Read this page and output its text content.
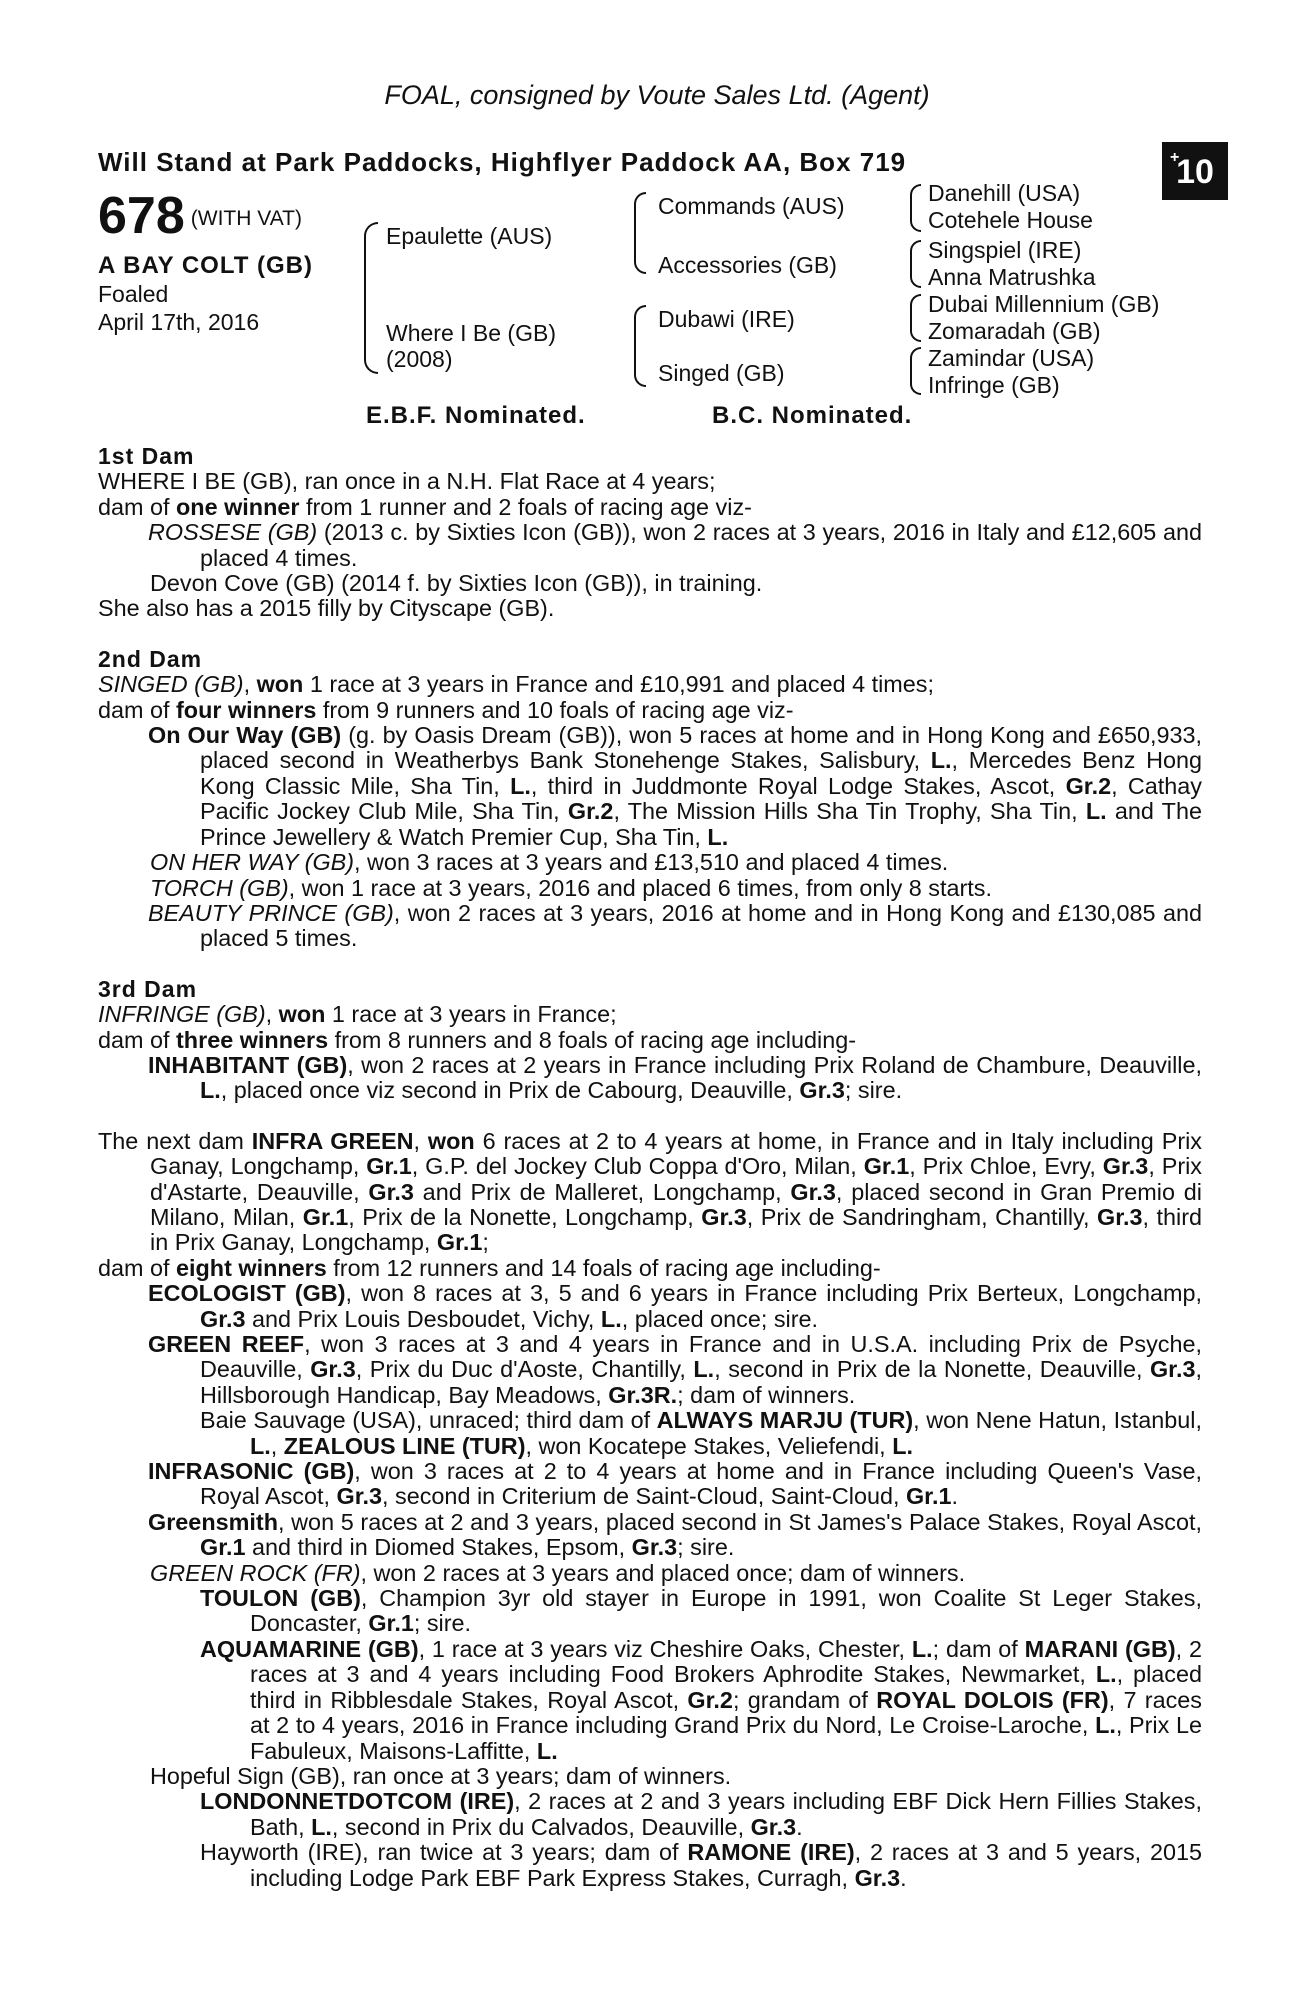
FOAL, consigned by Voute Sales Ltd. (Agent)
Will Stand at Park Paddocks, Highflyer Paddock AA, Box 719	+
10
678 (WITH VAT)
A BAY COLT (GB)
Foaled
April 17th, 2016
Epaulette (AUS)
Where I Be (GB)
(2008)
Commands (AUS)
Accessories (GB)
Dubawi (IRE)
Singed (GB)
Danehill (USA)
Cotehele House
Singspiel (IRE)
Anna Matrushka
Dubai Millennium (GB)
Zomaradah (GB)
Zamindar (USA)
Infringe (GB)
E.B.F. Nominated.	B.C. Nominated.

1st Dam

WHERE I BE (GB), ran once in a N.H. Flat Race at 4 years;

dam of one winner from 1 runner and 2 foals of racing age viz-

ROSSESE (GB) (2013 c. by Sixties Icon (GB)), won 2 races at 3 years, 2016 in Italy and £12,605 and placed 4 times.

Devon Cove (GB) (2014 f. by Sixties Icon (GB)), in training.

She also has a 2015 filly by Cityscape (GB).

2nd Dam

SINGED (GB), won 1 race at 3 years in France and £10,991 and placed 4 times;

dam of four winners from 9 runners and 10 foals of racing age viz-

On Our Way (GB) (g. by Oasis Dream (GB)), won 5 races at home and in Hong Kong and £650,933, placed second in Weatherbys Bank Stonehenge Stakes, Salisbury, L., Mercedes Benz Hong Kong Classic Mile, Sha Tin, L., third in Juddmonte Royal Lodge Stakes, Ascot, Gr.2, Cathay Pacific Jockey Club Mile, Sha Tin, Gr.2, The Mission Hills Sha Tin Trophy, Sha Tin, L. and The Prince Jewellery & Watch Premier Cup, Sha Tin, L.

ON HER WAY (GB), won 3 races at 3 years and £13,510 and placed 4 times.

TORCH (GB), won 1 race at 3 years, 2016 and placed 6 times, from only 8 starts.

BEAUTY PRINCE (GB), won 2 races at 3 years, 2016 at home and in Hong Kong and £130,085 and placed 5 times.

3rd Dam

INFRINGE (GB), won 1 race at 3 years in France;

dam of three winners from 8 runners and 8 foals of racing age including-

INHABITANT (GB), won 2 races at 2 years in France including Prix Roland de Chambure, Deauville, L., placed once viz second in Prix de Cabourg, Deauville, Gr.3; sire.

The next dam INFRA GREEN, won 6 races at 2 to 4 years at home, in France and in Italy including Prix Ganay, Longchamp, Gr.1, G.P. del Jockey Club Coppa d'Oro, Milan, Gr.1, Prix Chloe, Evry, Gr.3, Prix d'Astarte, Deauville, Gr.3 and Prix de Malleret, Longchamp, Gr.3, placed second in Gran Premio di Milano, Milan, Gr.1, Prix de la Nonette, Longchamp, Gr.3, Prix de Sandringham, Chantilly, Gr.3, third in Prix Ganay, Longchamp, Gr.1;

dam of eight winners from 12 runners and 14 foals of racing age including-

ECOLOGIST (GB), won 8 races at 3, 5 and 6 years in France including Prix Berteux, Longchamp, Gr.3 and Prix Louis Desboudet, Vichy, L., placed once; sire.

GREEN REEF, won 3 races at 3 and 4 years in France and in U.S.A. including Prix de Psyche, Deauville, Gr.3, Prix du Duc d'Aoste, Chantilly, L., second in Prix de la Nonette, Deauville, Gr.3, Hillsborough Handicap, Bay Meadows, Gr.3R.; dam of winners.

Baie Sauvage (USA), unraced; third dam of ALWAYS MARJU (TUR), won Nene Hatun, Istanbul, L., ZEALOUS LINE (TUR), won Kocatepe Stakes, Veliefendi, L.

INFRASONIC (GB), won 3 races at 2 to 4 years at home and in France including Queen's Vase, Royal Ascot, Gr.3, second in Criterium de Saint-Cloud, Saint-Cloud, Gr.1.

Greensmith, won 5 races at 2 and 3 years, placed second in St James's Palace Stakes, Royal Ascot, Gr.1 and third in Diomed Stakes, Epsom, Gr.3; sire.

GREEN ROCK (FR), won 2 races at 3 years and placed once; dam of winners.

TOULON (GB), Champion 3yr old stayer in Europe in 1991, won Coalite St Leger Stakes, Doncaster, Gr.1; sire.

AQUAMARINE (GB), 1 race at 3 years viz Cheshire Oaks, Chester, L.; dam of MARANI (GB), 2 races at 3 and 4 years including Food Brokers Aphrodite Stakes, Newmarket, L., placed third in Ribblesdale Stakes, Royal Ascot, Gr.2; grandam of ROYAL DOLOIS (FR), 7 races at 2 to 4 years, 2016 in France including Grand Prix du Nord, Le Croise-Laroche, L., Prix Le Fabuleux, Maisons-Laffitte, L.

Hopeful Sign (GB), ran once at 3 years; dam of winners.

LONDONNETDOTCOM (IRE), 2 races at 2 and 3 years including EBF Dick Hern Fillies Stakes, Bath, L., second in Prix du Calvados, Deauville, Gr.3.

Hayworth (IRE), ran twice at 3 years; dam of RAMONE (IRE), 2 races at 3 and 5 years, 2015 including Lodge Park EBF Park Express Stakes, Curragh, Gr.3.
